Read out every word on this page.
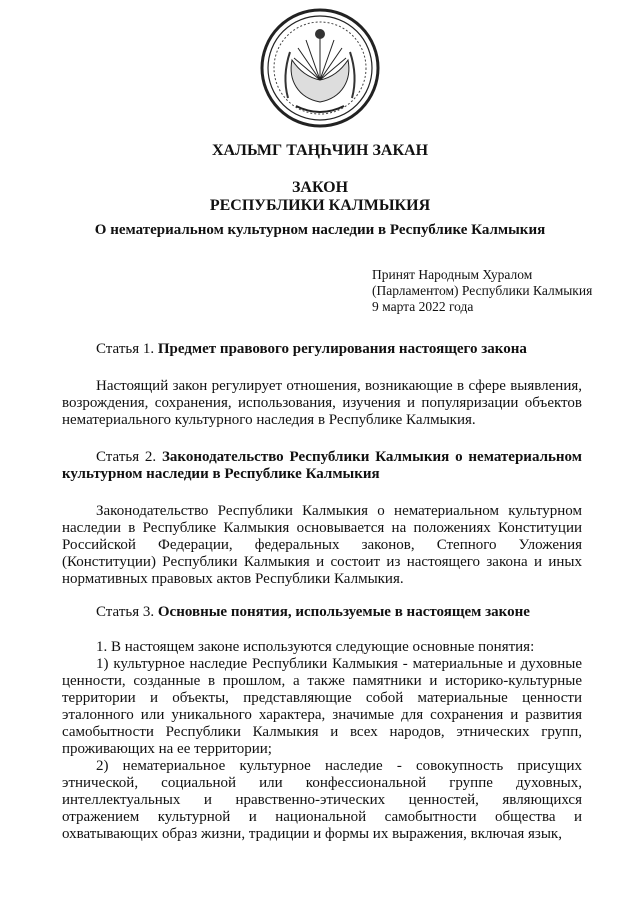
ХАЛЬМГ ТАҢҺЧИН ЗАКАН
ЗАКОН
РЕСПУБЛИКИ КАЛМЫКИЯ
О нематериальном культурном наследии в Республике Калмыкия
Принят Народным Хуралом
(Парламентом) Республики Калмыкия
9 марта 2022 года

Статья 1. Предмет правового регулирования настоящего закона

Настоящий закон регулирует отношения, возникающие в сфере выявления, возрождения, сохранения, использования, изучения и популяризации объектов нематериального культурного наследия в Республике Калмыкия.

Статья 2. Законодательство Республики Калмыкия о нематериальном культурном наследии в Республике Калмыкия

Законодательство Республики Калмыкия о нематериальном культурном наследии в Республике Калмыкия основывается на положениях Конституции Российской Федерации, федеральных законов, Степного Уложения (Конституции) Республики Калмыкия и состоит из настоящего закона и иных нормативных правовых актов Республики Калмыкия.

Статья 3. Основные понятия, используемые в настоящем законе

1. В настоящем законе используются следующие основные понятия:

1) культурное наследие Республики Калмыкия - материальные и духовные ценности, созданные в прошлом, а также памятники и историко-культурные территории и объекты, представляющие собой материальные ценности эталонного или уникального характера, значимые для сохранения и развития самобытности Республики Калмыкия и всех народов, этнических групп, проживающих на ее территории;

2) нематериальное культурное наследие - совокупность присущих этнической, социальной или конфессиональной группе духовных, интеллектуальных и нравственно-этических ценностей, являющихся отражением культурной и национальной самобытности общества и охватывающих образ жизни, традиции и формы их выражения, включая язык,
